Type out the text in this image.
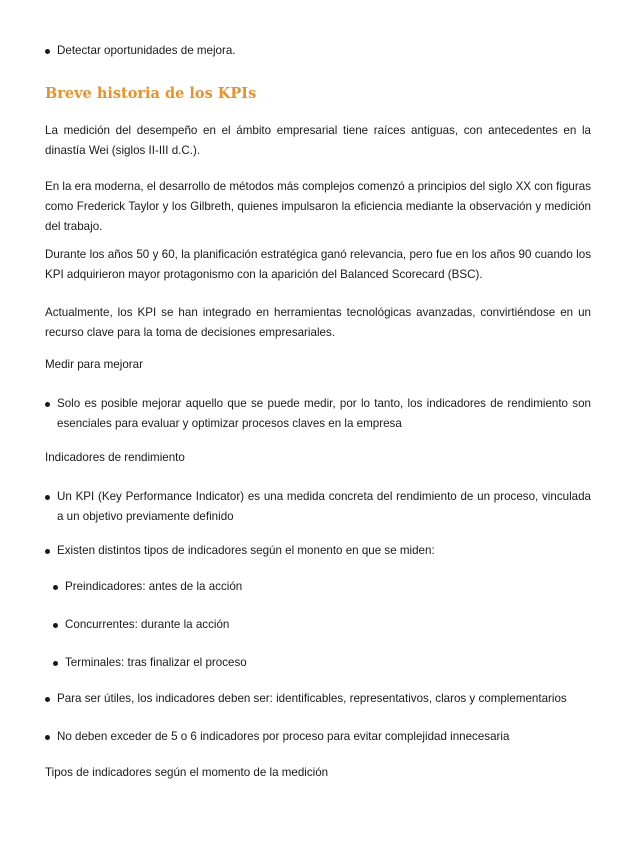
Detectar oportunidades de mejora.

Breve historia de los KPIs

La medición del desempeño en el ámbito empresarial tiene raíces antiguas, con antecedentes en la dinastía Wei (siglos II-III d.C.).

En la era moderna, el desarrollo de métodos más complejos comenzó a principios del siglo XX con figuras como Frederick Taylor y los Gilbreth, quienes impulsaron la eficiencia mediante la observación y medición del trabajo.

Durante los años 50 y 60, la planificación estratégica ganó relevancia, pero fue en los años 90 cuando los KPI adquirieron mayor protagonismo con la aparición del Balanced Scorecard (BSC).

Actualmente, los KPI se han integrado en herramientas tecnológicas avanzadas, convirtiéndose en un recurso clave para la toma de decisiones empresariales.

Medir para mejorar

Solo es posible mejorar aquello que se puede medir, por lo tanto, los indicadores de rendimiento son esenciales para evaluar y optimizar procesos claves en la empresa

Indicadores de rendimiento

Un KPI (Key Performance Indicator) es una medida concreta del rendimiento de un proceso, vinculada a un objetivo previamente definido

Existen distintos tipos de indicadores según el monento en que se miden:

Preindicadores: antes de la acción

Concurrentes: durante la acción

Terminales: tras finalizar el proceso

Para ser útiles, los indicadores deben ser: identificables, representativos, claros y complementarios

No deben exceder de 5 o 6 indicadores por proceso para evitar complejidad innecesaria

Tipos de indicadores según el momento de la medición
